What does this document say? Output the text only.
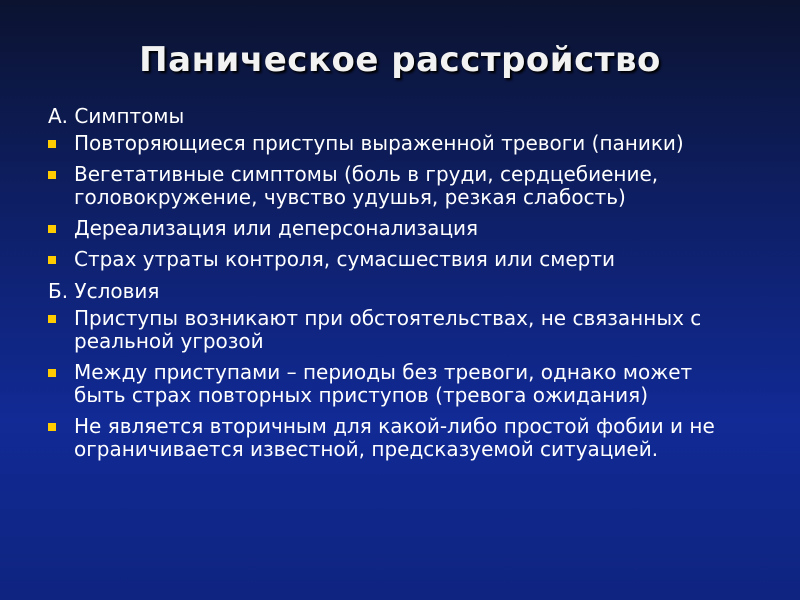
Паническое расстройство
А. Симптомы
Повторяющиеся приступы выраженной тревоги (паники)
Вегетативные симптомы (боль в груди, сердцебиение, головокружение, чувство удушья, резкая слабость)
Дереализация или деперсонализация
Страх утраты контроля, сумасшествия или смерти
Б. Условия
Приступы возникают при обстоятельствах, не связанных с реальной угрозой
Между приступами – периоды без тревоги, однако может быть страх повторных приступов (тревога ожидания)
Не является вторичным для какой-либо простой фобии и не ограничивается известной, предсказуемой ситуацией.
